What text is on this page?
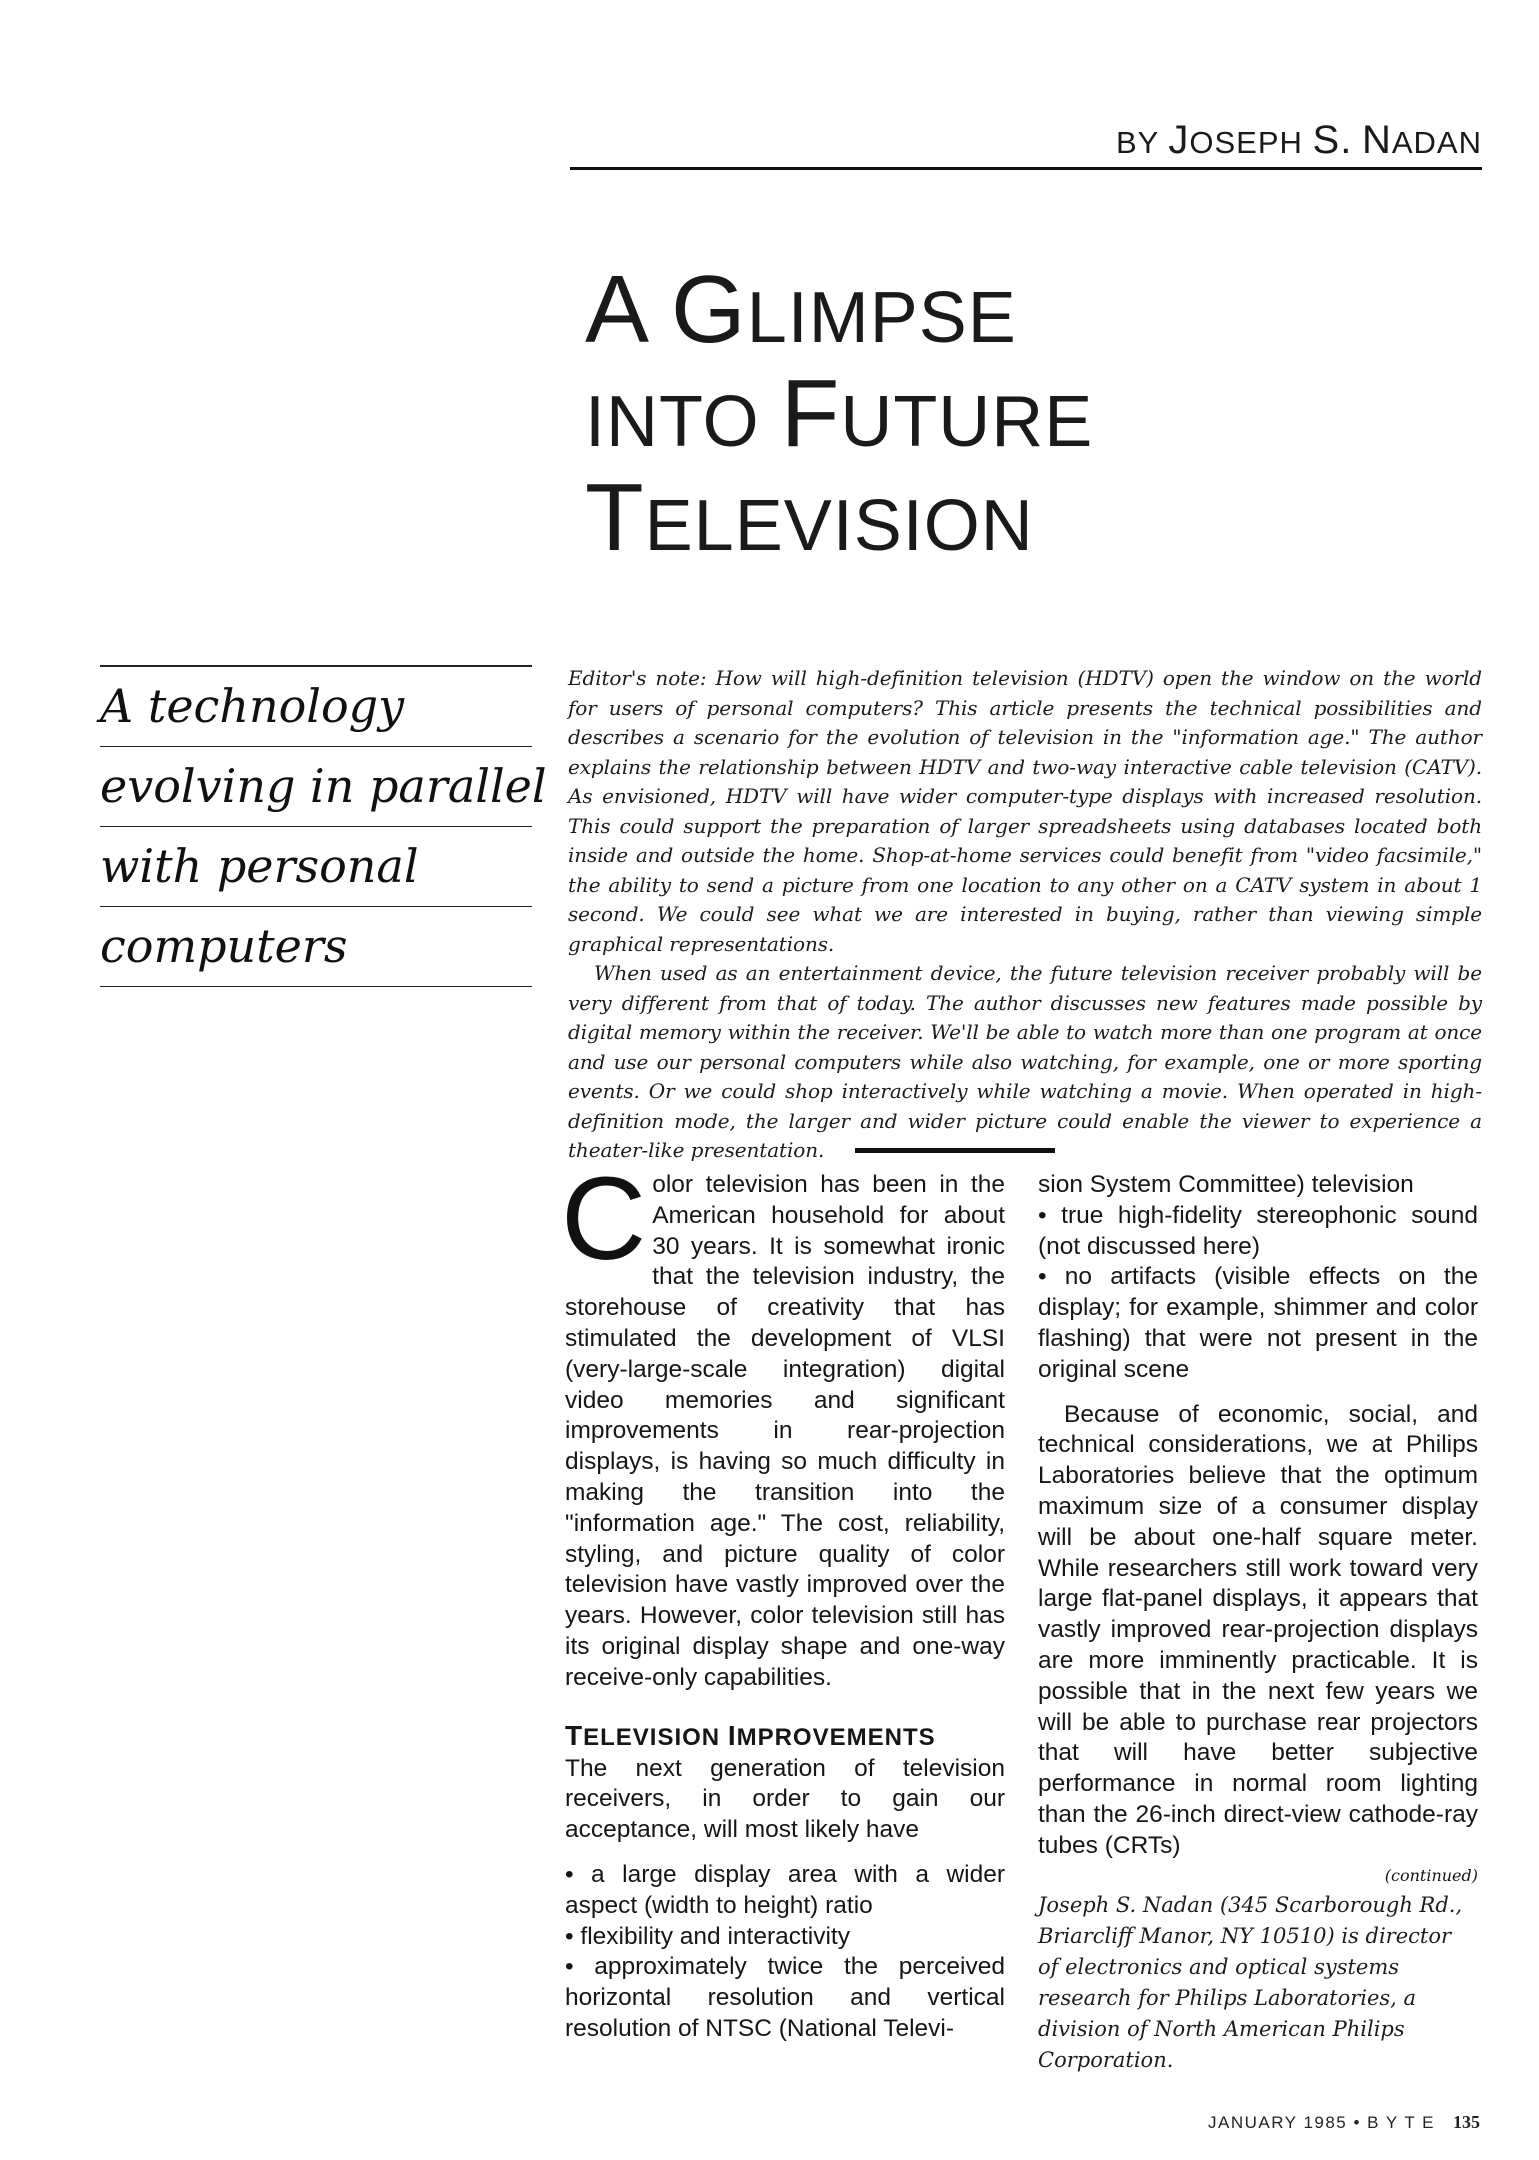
BY JOSEPH S. NADAN
A GLIMPSE
INTO FUTURE
TELEVISION
A technology
evolving in parallel
with personal
computers

Editor's note: How will high-definition television (HDTV) open the window on the world for users of personal computers? This article presents the technical possibilities and describes a scenario for the evolution of television in the "information age." The author explains the relationship between HDTV and two-way interactive cable television (CATV). As envisioned, HDTV will have wider computer-type displays with increased resolution. This could support the preparation of larger spreadsheets using databases located both inside and outside the home. Shop-at-home services could benefit from "video facsimile," the ability to send a picture from one location to any other on a CATV system in about 1 second. We could see what we are interested in buying, rather than viewing simple graphical representations.

When used as an entertainment device, the future television receiver probably will be very different from that of today. The author discusses new features made possible by digital memory within the receiver. We'll be able to watch more than one program at once and use our personal computers while also watching, for example, one or more sporting events. Or we could shop interactively while watching a movie. When operated in high-definition mode, the larger and wider picture could enable the viewer to experience a theater-like presentation.

Color television has been in the American household for about 30 years. It is somewhat ironic that the television industry, the storehouse of creativity that has stimulated the development of VLSI (very-large-scale integration) digital video memories and significant improvements in rear-projection displays, is having so much difficulty in making the transition into the "information age." The cost, reliability, styling, and picture quality of color television have vastly improved over the years. However, color television still has its original display shape and one-way receive-only capabilities.

TELEVISION IMPROVEMENTS

The next generation of television receivers, in order to gain our acceptance, will most likely have

• a large display area with a wider aspect (width to height) ratio
• flexibility and interactivity
• approximately twice the perceived horizontal resolution and vertical resolution of NTSC (National Televi-
sion System Committee) television
• true high-fidelity stereophonic sound (not discussed here)
• no artifacts (visible effects on the display; for example, shimmer and color flashing) that were not present in the original scene

Because of economic, social, and technical considerations, we at Philips Laboratories believe that the optimum maximum size of a consumer display will be about one-half square meter. While researchers still work toward very large flat-panel displays, it appears that vastly improved rear-projection displays are more imminently practicable. It is possible that in the next few years we will be able to purchase rear projectors that will have better subjective performance in normal room lighting than the 26-inch direct-view cathode-ray tubes (CRTs)

(continued)
Joseph S. Nadan (345 Scarborough Rd., Briarcliff Manor, NY 10510) is director of electronics and optical systems research for Philips Laboratories, a division of North American Philips Corporation.
JANUARY 1985 • B Y T E 135
